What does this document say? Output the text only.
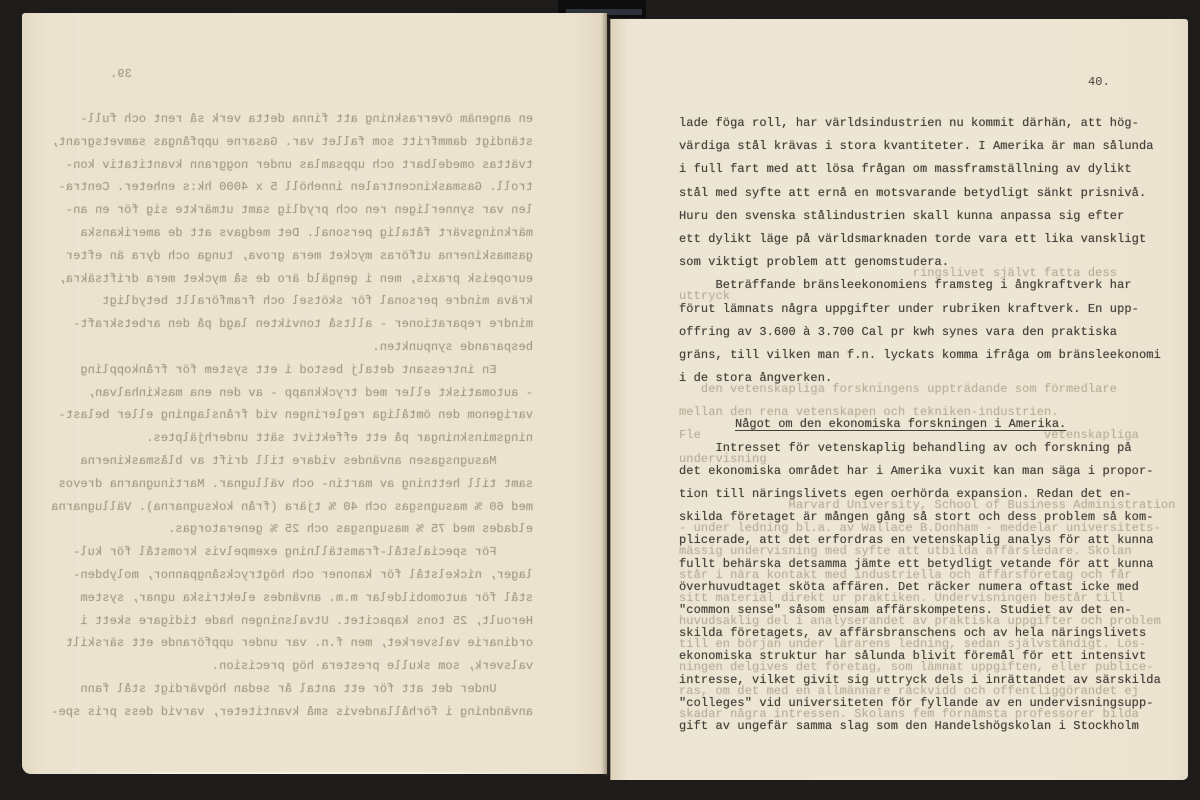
39.
en angenäm överraskning att finna detta verk så rent och full-
ständigt dammfritt som fallet var. Gasarne uppfångas samvetsgrant,
tvättas omedelbart och uppsamlas under noggrann kvantitativ kon-
troll. Gasmaskincentralen innehöll 5 x 4000 hk:s enheter. Centra-
len var synnerligen ren och prydlig samt utmärkte sig för en an-
märkningsvärt fåtalig personal. Det medgavs att de amerikanska
gasmaskinerna utföras mycket mera grova, tunga och dyra än efter
europeisk praxis, men i gengäld äro de så mycket mera driftsäkra,
kräva mindre personal för skötsel och framförallt betydligt
mindre reparationer - alltså tonvikten lagd på den arbetskraft-
besparande synpunkten.
En intressant detalj bestod i ett system för frånkoppling
- automatiskt eller med tryckknapp - av den ena maskinhalvan,
varigenom den ömtåliga regleringen vid frånslagning eller belast-
ningsminskningar på ett effektivt sätt underhjälptes.
Masugnsgasen användes vidare till drift av blåsmaskinerna
samt till hettning av martin- och vällugnar. Martinugnarna drevos
med 60 % masugnsgas och 40 % tjära (från koksugnarna). Vällugnarna
eldades med 75 % masugnsgas och 25 % generatorgas.
För specialstål-framställning exempelvis kromstål för kul-
lager, nickelstål för kanoner och högtrycksångpannor, molybden-
stål för automobildelar m.m. användes elektriska ugnar, system
Heroult, 25 tons kapacitet. Utvalsningen hade tidigare skett i
ordinarie valsverket, men f.n. var under uppförande ett särskilt
valsverk, som skulle prestera hög precision.
Under det att för ett antal år sedan högvärdigt stål fann
användning i förhållandevis små kvantiteter, varvid dess pris spe-
ringslivet självt fatta dess
uttryck
den vetenskapliga forskningens uppträdande som förmedlare
mellan den rena vetenskapen och tekniken-industrien.
Fle                                               vetenskapliga
undervisning
Harvard University, School of Business Administration
- under ledning bl.a. av Wallace B.Donham - meddelar universitets-
mässig undervisning med syfte att utbilda affärsledare. Skolan
står i nära kontakt med industriella och affärsföretag och får
sitt material direkt ur praktiken. Undervisningen består till
huvudsaklig del i analyserandet av praktiska uppgifter och problem
till en början under lärarens ledning, sedan självständigt. Lös-
ningen delgives det företag, som lämnat uppgiften, eller publice-
ras, om det med en allmännare räckvidd och offentliggörandet ej
skadar några intressen. Skolans fem förnämsta professorer bilda
40.
lade föga roll, har världsindustrien nu kommit därhän, att hög-
värdiga stål krävas i stora kvantiteter. I Amerika är man sålunda
i full fart med att lösa frågan om massframställning av dylikt
stål med syfte att ernå en motsvarande betydligt sänkt prisnivå.
Huru den svenska stålindustrien skall kunna anpassa sig efter
ett dylikt läge på världsmarknaden torde vara ett lika vanskligt
som viktigt problem att genomstudera.
Beträffande bränsleekonomiens framsteg i ångkraftverk har
förut lämnats några uppgifter under rubriken kraftverk. En upp-
offring av 3.600 à 3.700 Cal pr kwh synes vara den praktiska
gräns, till vilken man f.n. lyckats komma ifråga om bränsleekonomi
i de stora ångverken.
Något om den ekonomiska forskningen i Amerika.
Intresset för vetenskaplig behandling av och forskning på
det ekonomiska området har i Amerika vuxit kan man säga i propor-
tion till näringslivets egen oerhörda expansion. Redan det en-
skilda företaget är mången gång så stort och dess problem så kom-
plicerade, att det erfordras en vetenskaplig analys för att kunna
fullt behärska detsamma jämte ett betydligt vetande för att kunna
överhuvudtaget sköta affären. Det räcker numera oftast icke med
"common sense" såsom ensam affärskompetens. Studiet av det en-
skilda företagets, av affärsbranschens och av hela näringslivets
ekonomiska struktur har sålunda blivit föremål för ett intensivt
intresse, vilket givit sig uttryck dels i inrättandet av särskilda
"colleges" vid universiteten för fyllande av en undervisningsupp-
gift av ungefär samma slag som den Handelshögskolan i Stockholm
